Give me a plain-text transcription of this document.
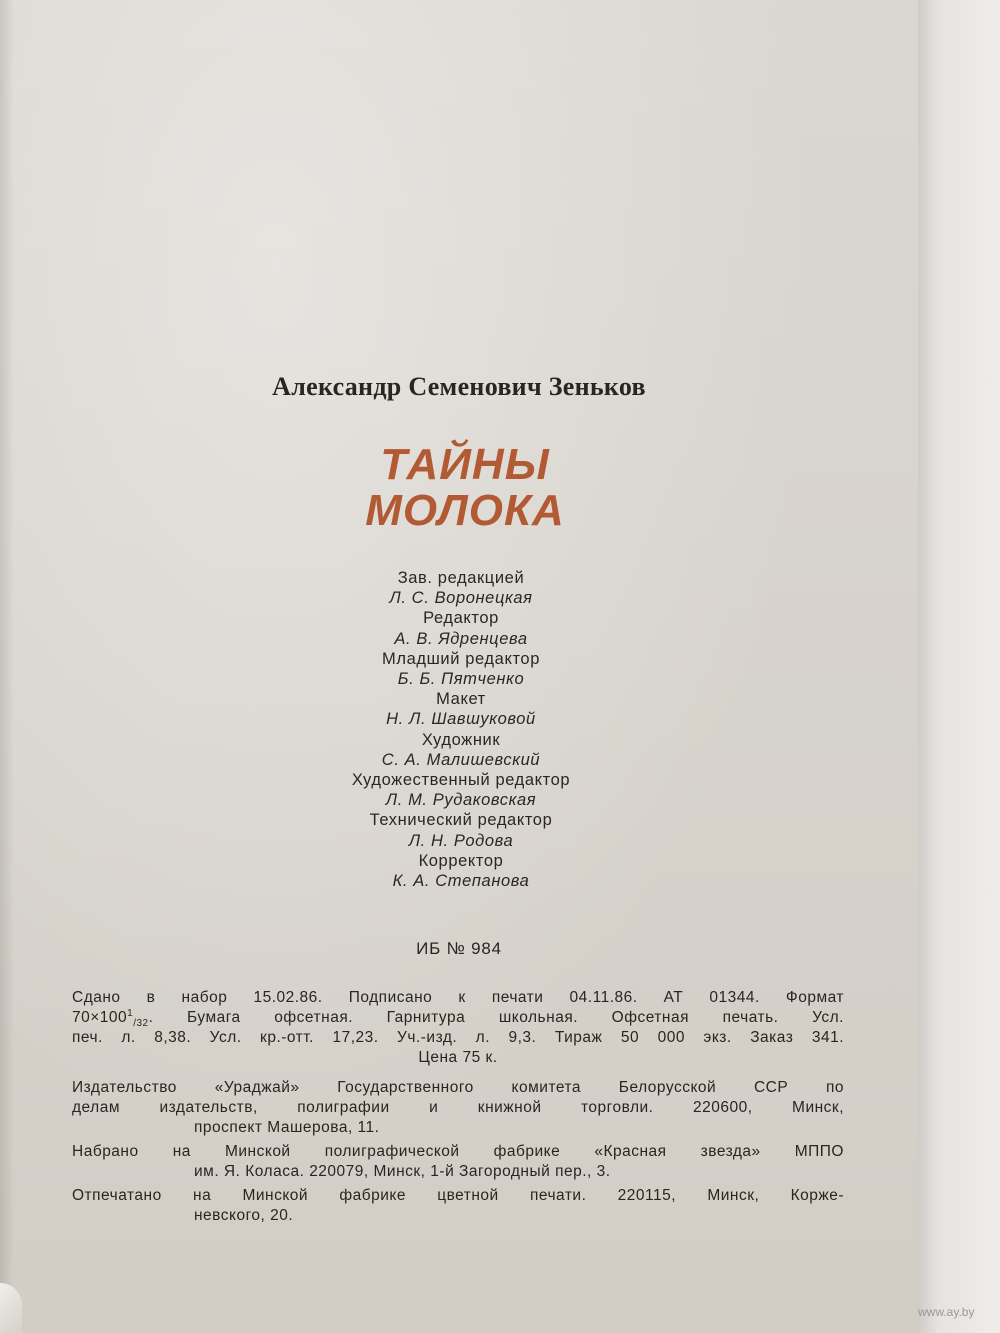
Александр Семенович Зеньков
ТАЙНЫ
МОЛОКА
Зав. редакцией
Л. С. Воронецкая
Редактор
А. В. Ядренцева
Младший редактор
Б. Б. Пятченко
Макет
Н. Л. Шавшуковой
Художник
С. А. Малишевский
Художественный редактор
Л. М. Рудаковская
Технический редактор
Л. Н. Родова
Корректор
К. А. Степанова
ИБ № 984
Сдано в набор 15.02.86. Подписано к печати 04.11.86. АТ 01344. Формат
$70\times 100^1_{/32}$. Бумага офсетная. Гарнитура школьная. Офсетная печать. Усл.
печ. л. 8,38. Усл. кр.-отт. 17,23. Уч.-изд. л. 9,3. Тираж 50 000 экз. Заказ 341.
Цена 75 к.
Издательство «Ураджай» Государственного комитета Белорусской ССР по
делам издательств, полиграфии и книжной торговли. 220600, Минск,
проспект Машерова, 11.
Набрано на Минской полиграфической фабрике «Красная звезда» МППО
им. Я. Коласа. 220079, Минск, 1-й Загородный пер., 3.
Отпечатано на Минской фабрике цветной печати. 220115, Минск, Корже-
невского, 20.
www.ay.by
